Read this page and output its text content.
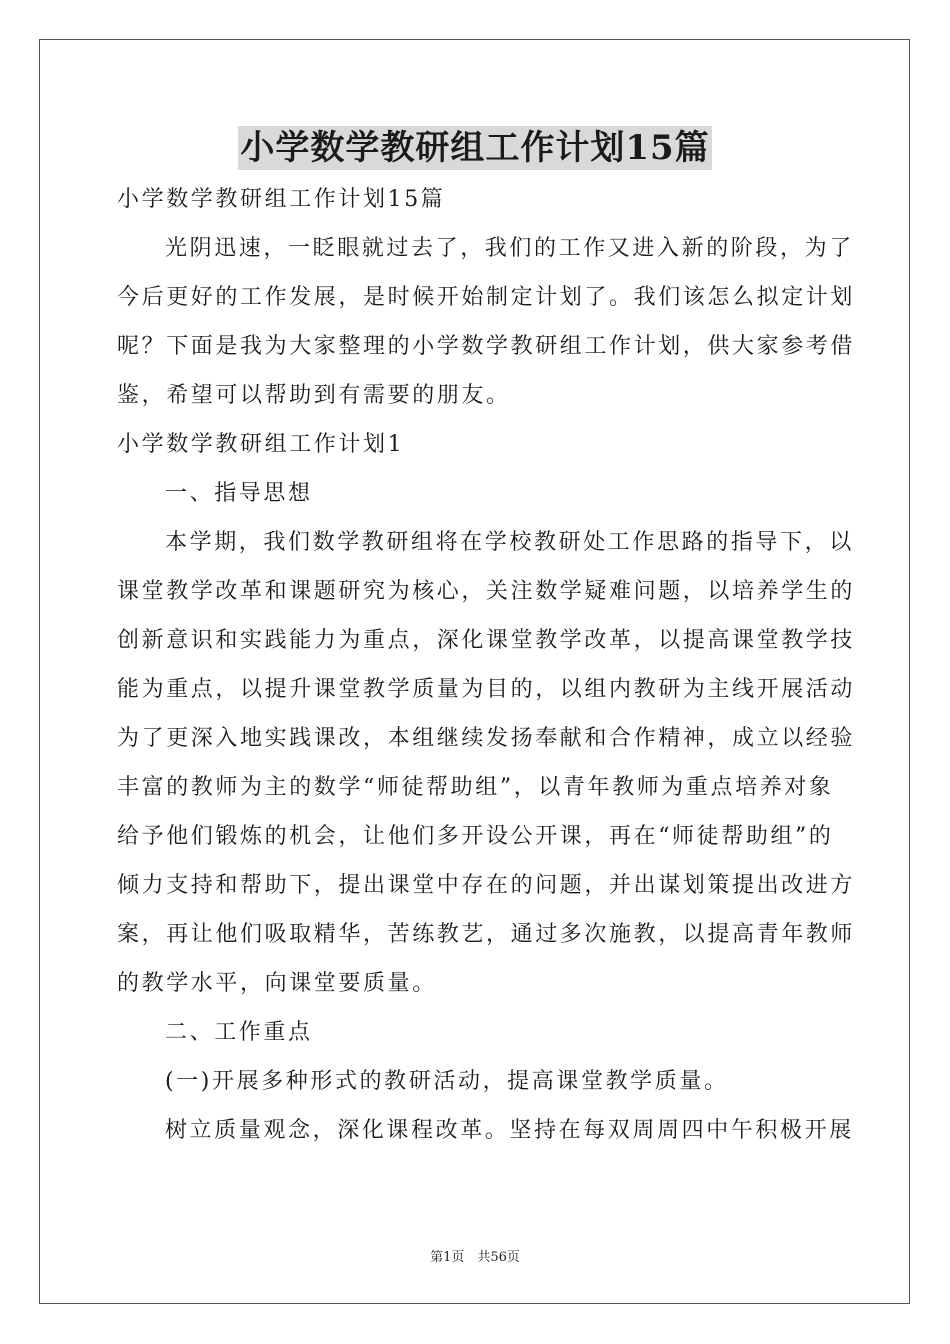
小学数学教研组工作计划15篇
小学数学教研组工作计划15篇
光阴迅速，一眨眼就过去了，我们的工作又进入新的阶段，为了
今后更好的工作发展，是时候开始制定计划了。我们该怎么拟定计划
呢？下面是我为大家整理的小学数学教研组工作计划，供大家参考借
鉴，希望可以帮助到有需要的朋友。
小学数学教研组工作计划1
一、指导思想
本学期，我们数学教研组将在学校教研处工作思路的指导下，以
课堂教学改革和课题研究为核心，关注数学疑难问题，以培养学生的
创新意识和实践能力为重点，深化课堂教学改革，以提高课堂教学技
能为重点，以提升课堂教学质量为目的，以组内教研为主线开展活动
为了更深入地实践课改，本组继续发扬奉献和合作精神，成立以经验
丰富的教师为主的数学“师徒帮助组”，以青年教师为重点培养对象
给予他们锻炼的机会，让他们多开设公开课，再在“师徒帮助组”的
倾力支持和帮助下，提出课堂中存在的问题，并出谋划策提出改进方
案，再让他们吸取精华，苦练教艺，通过多次施教，以提高青年教师
的教学水平，向课堂要质量。
二、工作重点
(一)开展多种形式的教研活动，提高课堂教学质量。
树立质量观念，深化课程改革。坚持在每双周周四中午积极开展
第1页　共56页
